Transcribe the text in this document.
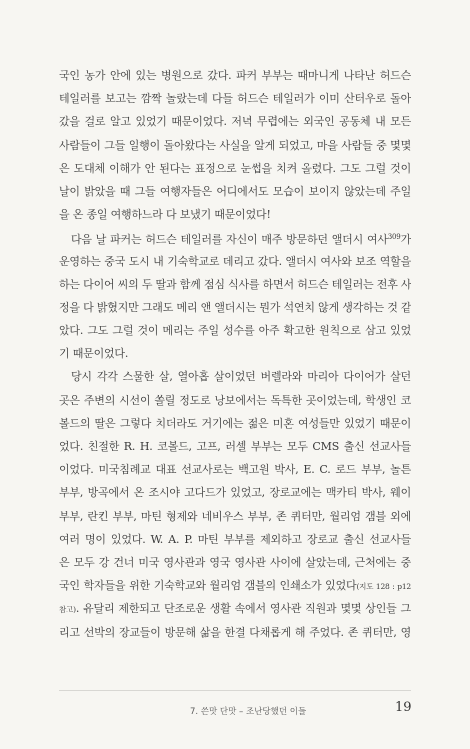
국인 농가 안에 있는 병원으로 갔다. 파커 부부는 때마니게 나타난 허드슨
테일러를 보고는 깜짝 놀랐는데 다들 허드슨 테일러가 이미 산터우로 돌아
갔을 걸로 알고 있었기 때문이었다. 저녁 무렵에는 외국인 공동체 내 모든
사람들이 그들 일행이 돌아왔다는 사실을 알게 되었고, 마을 사람들 중 몇몇
은 도대체 이해가 안 된다는 표정으로 눈썹을 치켜 올렸다. 그도 그럴 것이
날이 밝았을 때 그들 여행자들은 어디에서도 모습이 보이지 않았는데 주일
을 온 종일 여행하느라 다 보냈기 때문이었다!
다음 날 파커는 허드슨 테일러를 자신이 매주 방문하던 앨더시 여사$^{309}$가
운영하는 중국 도시 내 기숙학교로 데리고 갔다. 앨더시 여사와 보조 역할을
하는 다이어 씨의 두 딸과 함께 점심 식사를 하면서 허드슨 테일러는 전후 사
정을 다 밝혔지만 그래도 메리 앤 앨더시는 뭔가 석연치 않게 생각하는 것 같
았다. 그도 그럴 것이 메리는 주일 성수를 아주 확고한 원칙으로 삼고 있었
기 때문이었다.
당시 각각 스물한 살, 열아홉 살이었던 버렐라와 마리아 다이어가 살던
곳은 주변의 시선이 쏠릴 정도로 낭보에서는 독특한 곳이었는데, 학생인 코
볼드의 딸은 그렇다 치더라도 거기에는 젊은 미혼 여성들만 있었기 때문이
었다. 친절한 R. H. 코볼드, 고프, 러셀 부부는 모두 CMS 출신 선교사들
이었다. 미국침례교 대표 선교사로는 백고원 박사, E. C. 로드 부부, 놀튼
부부, 방곡에서 온 조시야 고다드가 있었고, 장로교에는 맥카티 박사, 웨이
부부, 란킨 부부, 마틴 형제와 네비우스 부부, 존 퀴터만, 월리엄 갬블 외에
여러 명이 있었다. W. A. P. 마틴 부부를 제외하고 장로교 출신 선교사들
은 모두 강 건너 미국 영사관과 영국 영사관 사이에 살았는데, 근처에는 중
국인 학자들을 위한 기숙학교와 월리엄 갬블의 인쇄소가 있었다(지도 128 : p12
참고). 유달리 제한되고 단조로운 생활 속에서 영사관 직원과 몇몇 상인들 그
리고 선박의 장교들이 방문해 삶을 한결 다채롭게 해 주었다. 존 퀴터만, 영
7. 쓴맛 단맛 – 조난당했던 이들	19
